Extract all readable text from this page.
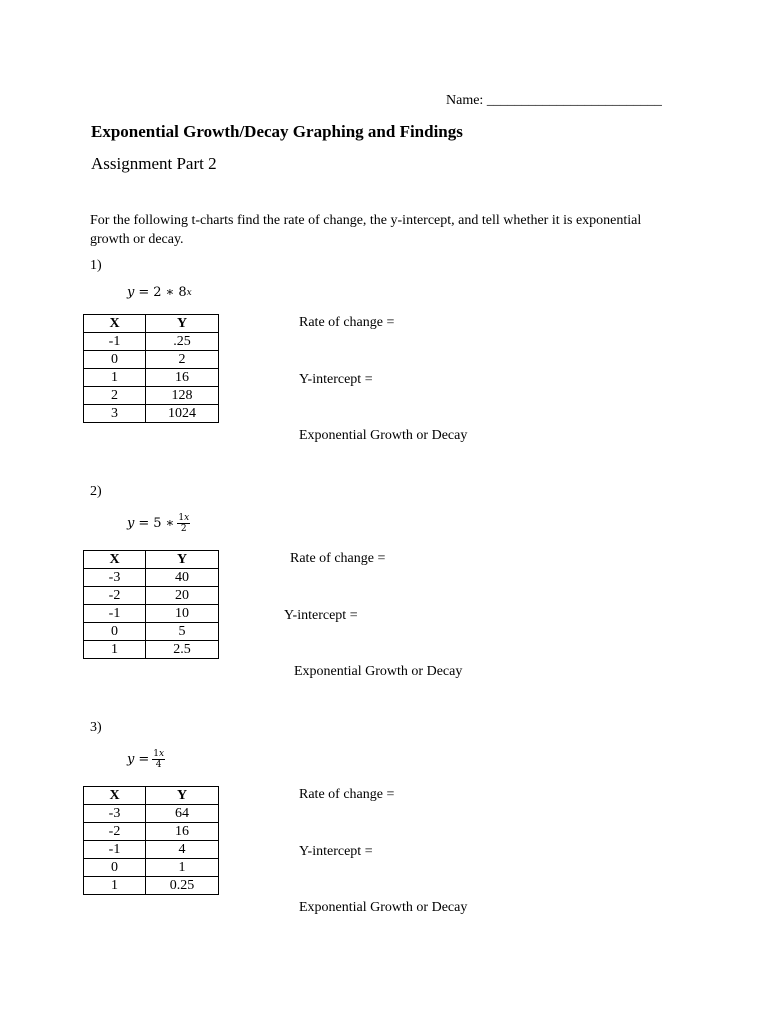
Name: _________________________
Exponential Growth/Decay Graphing and Findings
Assignment Part 2
For the following t-charts find the rate of change, the y-intercept, and tell whether it is exponential growth or decay.
1)
y = 2 ∗ 8 x
X	Y
-1	.25
0	2
1	16
2	128
3	1024
Rate of change =
Y-intercept =
Exponential Growth or Decay
2)
y = 5 ∗ $\frac{1x}{2}$
X	Y
-3	40
-2	20
-1	10
0	5
1	2.5
Rate of change =
Y-intercept =
Exponential Growth or Decay
3)
$y = \frac{1x}{4}$
X	Y
-3	64
-2	16
-1	4
0	1
1	0.25
Rate of change =
Y-intercept =
Exponential Growth or Decay
